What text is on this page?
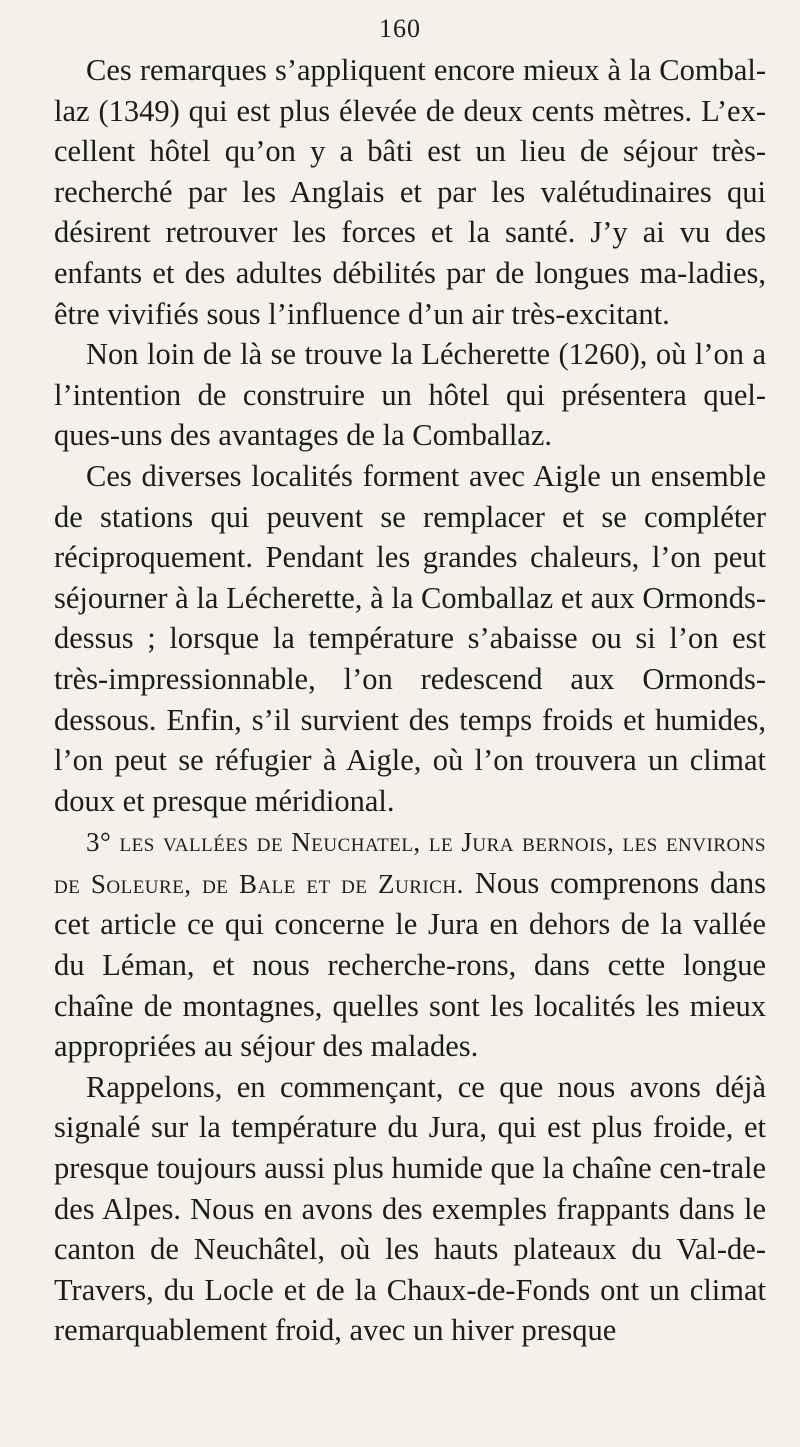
160

Ces remarques s’appliquent encore mieux à la Combal-laz (1349) qui est plus élevée de deux cents mètres. L’ex-cellent hôtel qu’on y a bâti est un lieu de séjour très-recherché par les Anglais et par les valétudinaires qui désirent retrouver les forces et la santé. J’y ai vu des enfants et des adultes débilités par de longues ma-ladies, être vivifiés sous l’influence d’un air très-excitant.

Non loin de là se trouve la Lécherette (1260), où l’on a l’intention de construire un hôtel qui présentera quel-ques-uns des avantages de la Comballaz.

Ces diverses localités forment avec Aigle un ensemble de stations qui peuvent se remplacer et se compléter réciproquement. Pendant les grandes chaleurs, l’on peut séjourner à la Lécherette, à la Comballaz et aux Ormonds-dessus ; lorsque la température s’abaisse ou si l’on est très-impressionnable, l’on redescend aux Ormonds-dessous. Enfin, s’il survient des temps froids et humides, l’on peut se réfugier à Aigle, où l’on trouvera un climat doux et presque méridional.

3° les vallées de Neuchatel, le Jura bernois, les environs de Soleure, de Bale et de Zurich. Nous comprenons dans cet article ce qui concerne le Jura en dehors de la vallée du Léman, et nous recherche-rons, dans cette longue chaîne de montagnes, quelles sont les localités les mieux appropriées au séjour des malades.

Rappelons, en commençant, ce que nous avons déjà signalé sur la température du Jura, qui est plus froide, et presque toujours aussi plus humide que la chaîne cen-trale des Alpes. Nous en avons des exemples frappants dans le canton de Neuchâtel, où les hauts plateaux du Val-de-Travers, du Locle et de la Chaux-de-Fonds ont un climat remarquablement froid, avec un hiver presque
